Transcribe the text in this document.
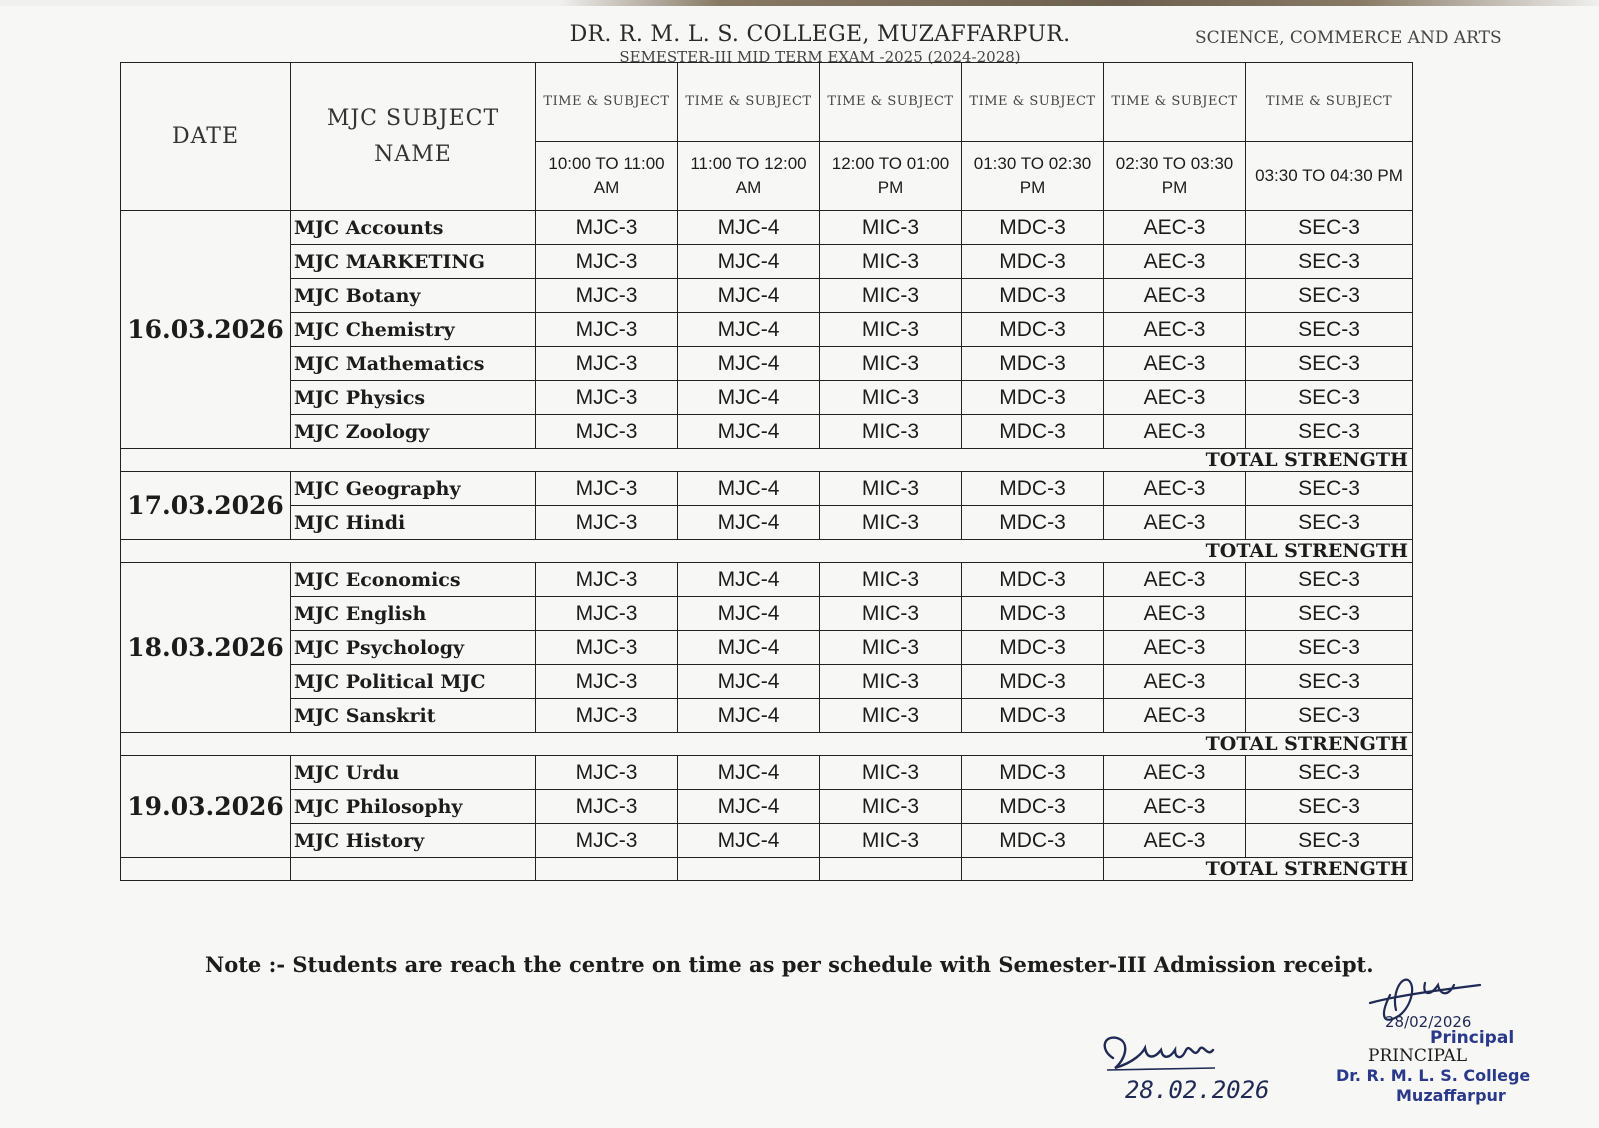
DR. R. M. L. S. COLLEGE, MUZAFFARPUR.
SEMESTER-III MID TERM EXAM -2025 (2024-2028)
SCIENCE, COMMERCE AND ARTS
DATE	MJC SUBJECT NAME	TIME & SUBJECT	TIME & SUBJECT	TIME & SUBJECT	TIME & SUBJECT	TIME & SUBJECT	TIME & SUBJECT
		10:00 TO 11:00 AM	11:00 TO 12:00 AM	12:00 TO 01:00 PM	01:30 TO 02:30 PM	02:30 TO 03:30 PM	03:30 TO 04:30 PM
16.03.2026	MJC Accounts	MJC-3	MJC-4	MIC-3	MDC-3	AEC-3	SEC-3
	MJC MARKETING	MJC-3	MJC-4	MIC-3	MDC-3	AEC-3	SEC-3
	MJC Botany	MJC-3	MJC-4	MIC-3	MDC-3	AEC-3	SEC-3
	MJC Chemistry	MJC-3	MJC-4	MIC-3	MDC-3	AEC-3	SEC-3
	MJC Mathematics	MJC-3	MJC-4	MIC-3	MDC-3	AEC-3	SEC-3
	MJC Physics	MJC-3	MJC-4	MIC-3	MDC-3	AEC-3	SEC-3
	MJC Zoology	MJC-3	MJC-4	MIC-3	MDC-3	AEC-3	SEC-3
						TOTAL STRENGTH	
17.03.2026	MJC Geography	MJC-3	MJC-4	MIC-3	MDC-3	AEC-3	SEC-3
	MJC Hindi	MJC-3	MJC-4	MIC-3	MDC-3	AEC-3	SEC-3
						TOTAL STRENGTH	
18.03.2026	MJC Economics	MJC-3	MJC-4	MIC-3	MDC-3	AEC-3	SEC-3
	MJC English	MJC-3	MJC-4	MIC-3	MDC-3	AEC-3	SEC-3
	MJC Psychology	MJC-3	MJC-4	MIC-3	MDC-3	AEC-3	SEC-3
	MJC Political MJC	MJC-3	MJC-4	MIC-3	MDC-3	AEC-3	SEC-3
	MJC Sanskrit	MJC-3	MJC-4	MIC-3	MDC-3	AEC-3	SEC-3
						TOTAL STRENGTH	
19.03.2026	MJC Urdu	MJC-3	MJC-4	MIC-3	MDC-3	AEC-3	SEC-3
	MJC Philosophy	MJC-3	MJC-4	MIC-3	MDC-3	AEC-3	SEC-3
	MJC History	MJC-3	MJC-4	MIC-3	MDC-3	AEC-3	SEC-3
						TOTAL STRENGTH	
Note :- Students are reach the centre on time as per schedule with Semester-III Admission receipt.
28.02.2026
28/02/2026
Principal
PRINCIPAL
Dr. R. M. L. S. College
Muzaffarpur
